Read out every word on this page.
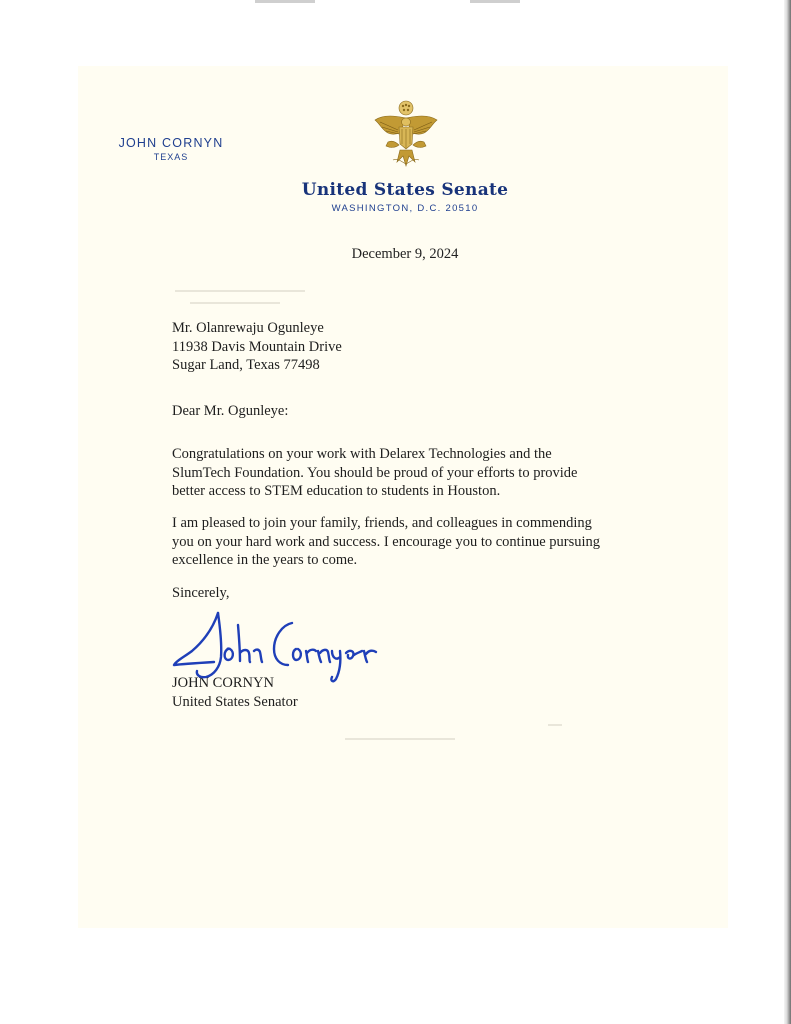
JOHN CORNYN
TEXAS
United States Senate
WASHINGTON, D.C. 20510
December 9, 2024
Mr. Olanrewaju Ogunleye
11938 Davis Mountain Drive
Sugar Land, Texas 77498
Dear Mr. Ogunleye:
Congratulations on your work with Delarex Technologies and the
SlumTech Foundation. You should be proud of your efforts to provide
better access to STEM education to students in Houston.
I am pleased to join your family, friends, and colleagues in commending
you on your hard work and success. I encourage you to continue pursuing
excellence in the years to come.
Sincerely,
JOHN CORNYN
United States Senator
